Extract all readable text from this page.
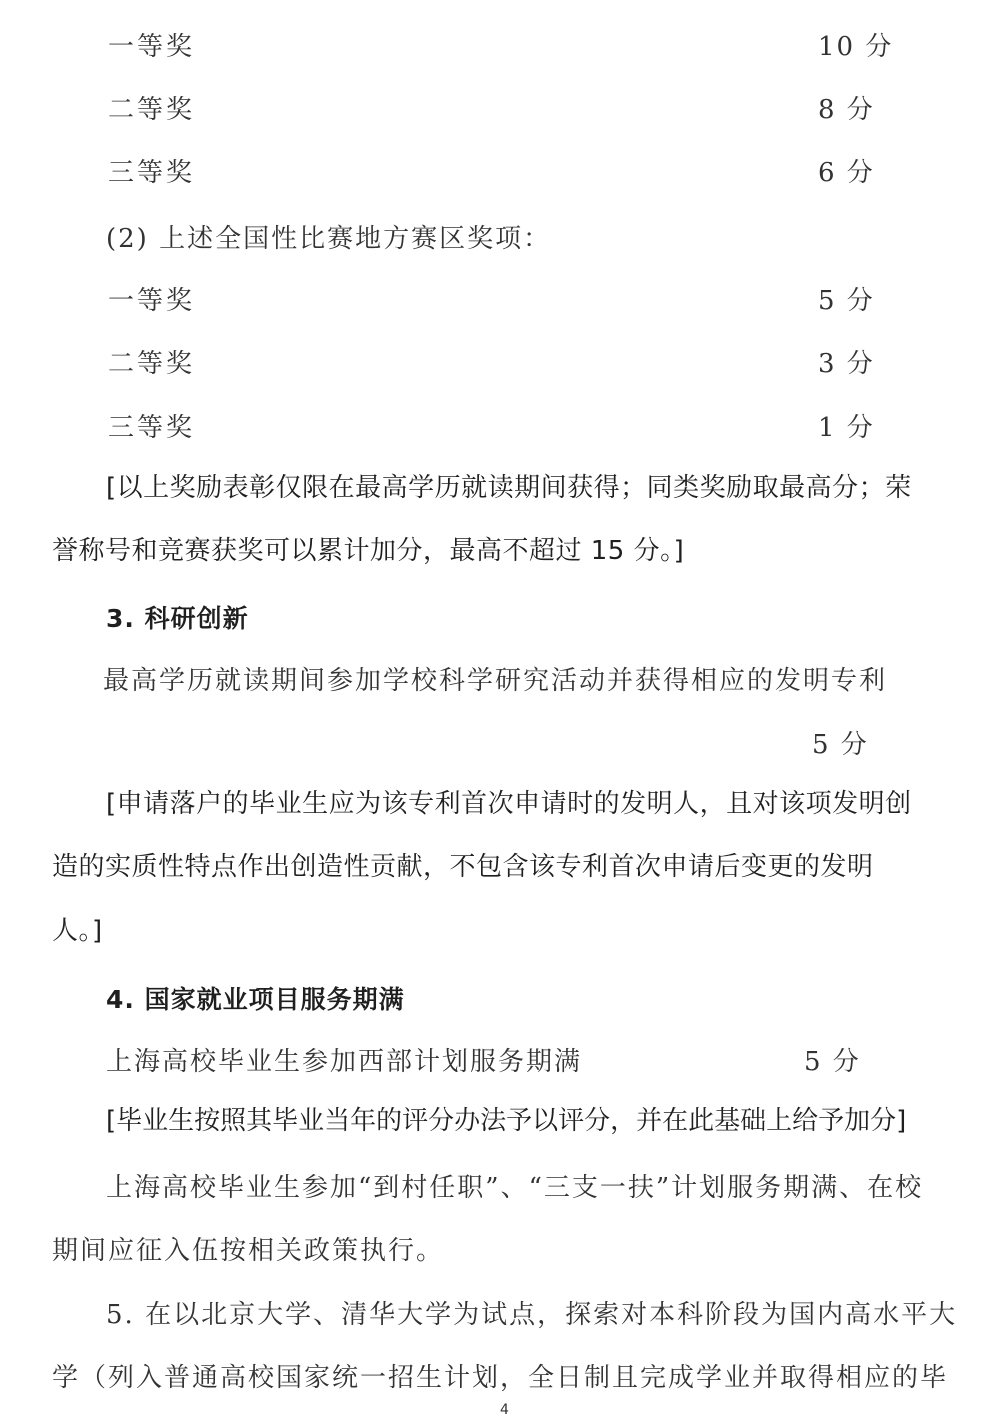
一等奖	10 分
二等奖	8 分
三等奖	6 分
(2) 上述全国性比赛地方赛区奖项：
一等奖	5 分
二等奖	3 分
三等奖	1 分
[以上奖励表彰仅限在最高学历就读期间获得；同类奖励取最高分；荣
誉称号和竞赛获奖可以累计加分，最高不超过 15 分。]
3. 科研创新
最高学历就读期间参加学校科学研究活动并获得相应的发明专利
5 分
[申请落户的毕业生应为该专利首次申请时的发明人，且对该项发明创
造的实质性特点作出创造性贡献，不包含该专利首次申请后变更的发明
人。]
4. 国家就业项目服务期满
上海高校毕业生参加西部计划服务期满	5 分
[毕业生按照其毕业当年的评分办法予以评分，并在此基础上给予加分]
上海高校毕业生参加“到村任职”、“三支一扶”计划服务期满、在校
期间应征入伍按相关政策执行。
5. 在以北京大学、清华大学为试点，探索对本科阶段为国内高水平大
学（列入普通高校国家统一招生计划，全日制且完成学业并取得相应的毕
4
